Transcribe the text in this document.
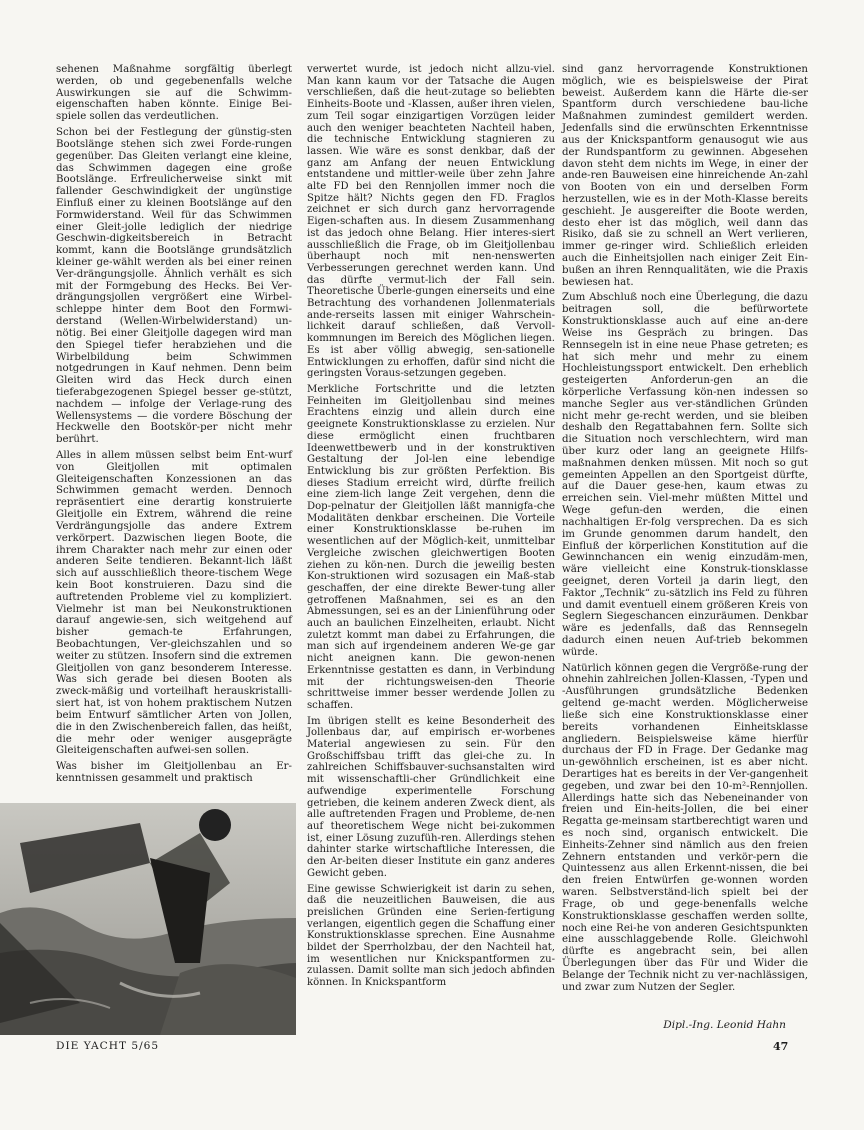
sehenen Maßnahme sorgfältig überlegt werden, ob und gegebenenfalls welche Auswirkungen sie auf die Schwimm-eigenschaften haben könnte. Einige Bei-spiele sollen das verdeutlichen.

Schon bei der Festlegung der günstig-sten Bootslänge stehen sich zwei Forde-rungen gegenüber. Das Gleiten verlangt eine kleine, das Schwimmen dagegen eine große Bootslänge. Erfreulicherweise sinkt mit fallender Geschwindigkeit der ungünstige Einfluß einer zu kleinen Bootslänge auf den Formwiderstand. Weil für das Schwimmen einer Gleit-jolle lediglich der niedrige Geschwin-digkeitsbereich in Betracht kommt, kann die Bootslänge grundsätzlich kleiner ge-wählt werden als bei einer reinen Ver-drängungsjolle. Ähnlich verhält es sich mit der Formgebung des Hecks. Bei Ver-drängungsjollen vergrößert eine Wirbel-schleppe hinter dem Boot den Formwi-derstand (Wellen-Wirbelwiderstand) un-nötig. Bei einer Gleitjolle dagegen wird man den Spiegel tiefer herabziehen und die Wirbelbildung beim Schwimmen notgedrungen in Kauf nehmen. Denn beim Gleiten wird das Heck durch einen tieferabgezogenen Spiegel besser ge-stützt, nachdem — infolge der Verlage-rung des Wellensystems — die vordere Böschung der Heckwelle den Bootskör-per nicht mehr berührt.

Alles in allem müssen selbst beim Ent-wurf von Gleitjollen mit optimalen Gleiteigenschaften Konzessionen an das Schwimmen gemacht werden. Dennoch repräsentiert eine derartig konstruierte Gleitjolle ein Extrem, während die reine Verdrängungsjolle das andere Extrem verkörpert. Dazwischen liegen Boote, die ihrem Charakter nach mehr zur einen oder anderen Seite tendieren. Bekannt-lich läßt sich auf ausschließlich theore-tischem Wege kein Boot konstruieren. Dazu sind die auftretenden Probleme viel zu kompliziert. Vielmehr ist man bei Neukonstruktionen darauf angewie-sen, sich weitgehend auf bisher gemach-te Erfahrungen, Beobachtungen, Ver-gleichszahlen und so weiter zu stützen. Insofern sind die extremen Gleitjollen von ganz besonderem Interesse. Was sich gerade bei diesen Booten als zweck-mäßig und vorteilhaft herauskristalli-siert hat, ist von hohem praktischem Nutzen beim Entwurf sämtlicher Arten von Jollen, die in den Zwischenbereich fallen, das heißt, die mehr oder weniger ausgeprägte Gleiteigenschaften aufwei-sen sollen.

Was bisher im Gleitjollenbau an Er-kenntnissen gesammelt und praktisch

verwertet wurde, ist jedoch nicht allzu-viel. Man kann kaum vor der Tatsache die Augen verschließen, daß die heut-zutage so beliebten Einheits-Boote und -Klassen, außer ihren vielen, zum Teil sogar einzigartigen Vorzügen leider auch den weniger beachteten Nachteil haben, die technische Entwicklung stagnieren zu lassen. Wie wäre es sonst denkbar, daß der ganz am Anfang der neuen Entwicklung entstandene und mittler-weile über zehn Jahre alte FD bei den Rennjollen immer noch die Spitze hält? Nichts gegen den FD. Fraglos zeichnet er sich durch ganz hervorragende Eigen-schaften aus. In diesem Zusammenhang ist das jedoch ohne Belang. Hier interes-siert ausschließlich die Frage, ob im Gleitjollenbau überhaupt noch mit nen-nenswerten Verbesserungen gerechnet werden kann. Und das dürfte vermut-lich der Fall sein. Theoretische Überle-gungen einerseits und eine Betrachtung des vorhandenen Jollenmaterials ande-rerseits lassen mit einiger Wahrschein-lichkeit darauf schließen, daß Vervoll-kommnungen im Bereich des Möglichen liegen. Es ist aber völlig abwegig, sen-sationelle Entwicklungen zu erhoffen, dafür sind nicht die geringsten Voraus-setzungen gegeben.

Merkliche Fortschritte und die letzten Feinheiten im Gleitjollenbau sind meines Erachtens einzig und allein durch eine geeignete Konstruktionsklasse zu erzielen. Nur diese ermöglicht einen fruchtbaren Ideenwettbewerb und in der konstruktiven Gestaltung der Jol-len eine lebendige Entwicklung bis zur größten Perfektion. Bis dieses Stadium erreicht wird, dürfte freilich eine ziem-lich lange Zeit vergehen, denn die Dop-pelnatur der Gleitjollen läßt mannigfa-che Modalitäten denkbar erscheinen. Die Vorteile einer Konstruktionsklasse be-ruhen im wesentlichen auf der Möglich-keit, unmittelbar Vergleiche zwischen gleichwertigen Booten ziehen zu kön-nen. Durch die jeweilig besten Kon-struktionen wird sozusagen ein Maß-stab geschaffen, der eine direkte Bewer-tung aller getroffenen Maßnahmen, sei es an den Abmessungen, sei es an der Linienführung oder auch an baulichen Einzelheiten, erlaubt. Nicht zuletzt kommt man dabei zu Erfahrungen, die man sich auf irgendeinem anderen We-ge gar nicht aneignen kann. Die gewon-nenen Erkenntnisse gestatten es dann, in Verbindung mit der richtungsweisen-den Theorie schrittweise immer besser werdende Jollen zu schaffen.

Im übrigen stellt es keine Besonderheit des Jollenbaus dar, auf empirisch er-worbenes Material angewiesen zu sein. Für den Großschiffsbau trifft das glei-che zu. In zahlreichen Schiffsbauver-suchsanstalten wird mit wissenschaftli-cher Gründlichkeit eine aufwendige experimentelle Forschung getrieben, die keinem anderen Zweck dient, als alle auftretenden Fragen und Probleme, de-nen auf theoretischem Wege nicht bei-zukommen ist, einer Lösung zuzufüh-ren. Allerdings stehen dahinter starke wirtschaftliche Interessen, die den Ar-beiten dieser Institute ein ganz anderes Gewicht geben.

Eine gewisse Schwierigkeit ist darin zu sehen, daß die neuzeitlichen Bauweisen, die aus preislichen Gründen eine Serien-fertigung verlangen, eigentlich gegen die Schaffung einer Konstruktionsklasse sprechen. Eine Ausnahme bildet der Sperrholzbau, der den Nachteil hat, im wesentlichen nur Knickspantformen zu-zulassen. Damit sollte man sich jedoch abfinden können. In Knickspantform

sind ganz hervorragende Konstruktionen möglich, wie es beispielsweise der Pirat beweist. Außerdem kann die Härte die-ser Spantform durch verschiedene bau-liche Maßnahmen zumindest gemildert werden. Jedenfalls sind die erwünschten Erkenntnisse aus der Knickspantform genausogut wie aus der Rundspantform zu gewinnen. Abgesehen davon steht dem nichts im Wege, in einer der ande-ren Bauweisen eine hinreichende An-zahl von Booten von ein und derselben Form herzustellen, wie es in der Moth-Klasse bereits geschieht. Je ausgereifter die Boote werden, desto eher ist das möglich, weil dann das Risiko, daß sie zu schnell an Wert verlieren, immer ge-ringer wird. Schließlich erleiden auch die Einheitsjollen nach einiger Zeit Ein-bußen an ihren Rennqualitäten, wie die Praxis bewiesen hat.

Zum Abschluß noch eine Überlegung, die dazu beitragen soll, die befürwortete Konstruktionsklasse auch auf eine an-dere Weise ins Gespräch zu bringen. Das Rennsegeln ist in eine neue Phase getreten; es hat sich mehr und mehr zu einem Hochleistungssport entwickelt. Den erheblich gesteigerten Anforderun-gen an die körperliche Verfassung kön-nen indessen so manche Segler aus ver-ständlichen Gründen nicht mehr ge-recht werden, und sie bleiben deshalb den Regattabahnen fern. Sollte sich die Situation noch verschlechtern, wird man über kurz oder lang an geeignete Hilfs-maßnahmen denken müssen. Mit noch so gut gemeinten Appellen an den Sportgeist dürfte, auf die Dauer gese-hen, kaum etwas zu erreichen sein. Viel-mehr müßten Mittel und Wege gefun-den werden, die einen nachhaltigen Er-folg versprechen. Da es sich im Grunde genommen darum handelt, den Einfluß der körperlichen Konstitution auf die Gewinnchancen ein wenig einzudäm-men, wäre vielleicht eine Konstruk-tionsklasse geeignet, deren Vorteil ja darin liegt, den Faktor „Technik“ zu-sätzlich ins Feld zu führen und damit eventuell einem größeren Kreis von Seglern Siegeschancen einzuräumen. Denkbar wäre es jedenfalls, daß das Rennsegeln dadurch einen neuen Auf-trieb bekommen würde.

Natürlich können gegen die Vergröße-rung der ohnehin zahlreichen Jollen-Klassen, -Typen und -Ausführungen grundsätzliche Bedenken geltend ge-macht werden. Möglicherweise ließe sich eine Konstruktionsklasse einer bereits vorhandenen Einheitsklasse angliedern. Beispielsweise käme hierfür durchaus der FD in Frage. Der Gedanke mag un-gewöhnlich erscheinen, ist es aber nicht. Derartiges hat es bereits in der Ver-gangenheit gegeben, und zwar bei den 10-m²-Rennjollen. Allerdings hatte sich das Nebeneinander von freien und Ein-heits-Jollen, die bei einer Regatta ge-meinsam startberechtigt waren und es noch sind, organisch entwickelt. Die Einheits-Zehner sind nämlich aus den freien Zehnern entstanden und verkör-pern die Quintessenz aus allen Erkennt-nissen, die bei den freien Entwürfen ge-wonnen worden waren. Selbstverständ-lich spielt bei der Frage, ob und gege-benenfalls welche Konstruktionsklasse geschaffen werden sollte, noch eine Rei-he von anderen Gesichtspunkten eine ausschlaggebende Rolle. Gleichwohl dürfte es angebracht sein, bei allen Überlegungen über das Für und Wider die Belange der Technik nicht zu ver-nachlässigen, und zwar zum Nutzen der Segler.

Dipl.-Ing. Leonid Hahn
DIE YACHT 5/65	47
